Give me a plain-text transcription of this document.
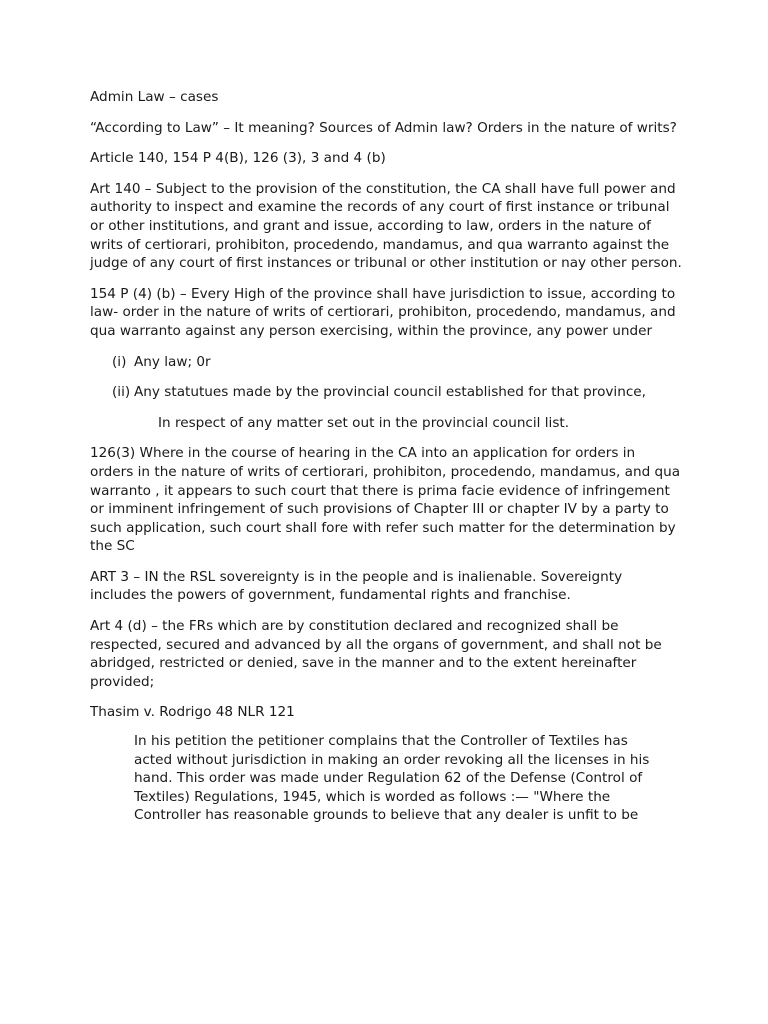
Admin Law – cases

“According to Law” – It meaning? Sources of Admin law? Orders in the nature of writs?

Article 140, 154 P 4(B), 126 (3), 3 and 4 (b)

Art 140 – Subject to the provision of the constitution, the CA shall have full power and authority to inspect and examine the records of any court of first instance or tribunal or other institutions, and grant and issue, according to law, orders in the nature of writs of certiorari, prohibiton, procedendo, mandamus, and qua warranto against the judge of any court of first instances or tribunal or other institution or nay other person.

154 P (4) (b) – Every High of the province shall have jurisdiction to issue, according to law- order in the nature of writs of certiorari, prohibiton, procedendo, mandamus, and qua warranto against any person exercising, within the province, any power under

(i) Any law; 0r
(ii) Any statutues made by the provincial council established for that province,

In respect of any matter set out in the provincial council list.

126(3) Where in the course of hearing in the CA into an application for orders in orders in the nature of writs of certiorari, prohibiton, procedendo, mandamus, and qua warranto , it appears to such court that there is prima facie evidence of infringement or imminent infringement of such provisions of Chapter III or chapter IV by a party to such application, such court shall fore with refer such matter for the determination by the SC

ART 3 – IN the RSL sovereignty is in the people and is inalienable. Sovereignty includes the powers of government, fundamental rights and franchise.

Art 4 (d) – the FRs which are by constitution declared and recognized shall be respected, secured and advanced by all the organs of government, and shall not be abridged, restricted or denied, save in the manner and to the extent hereinafter provided;

Thasim v. Rodrigo 48 NLR 121

In his petition the petitioner complains that the Controller of Textiles has acted without jurisdiction in making an order revoking all the licenses in his hand. This order was made under Regulation 62 of the Defense (Control of Textiles) Regulations, 1945, which is worded as follows :— "Where the Controller has reasonable grounds to believe that any dealer is unfit to be
